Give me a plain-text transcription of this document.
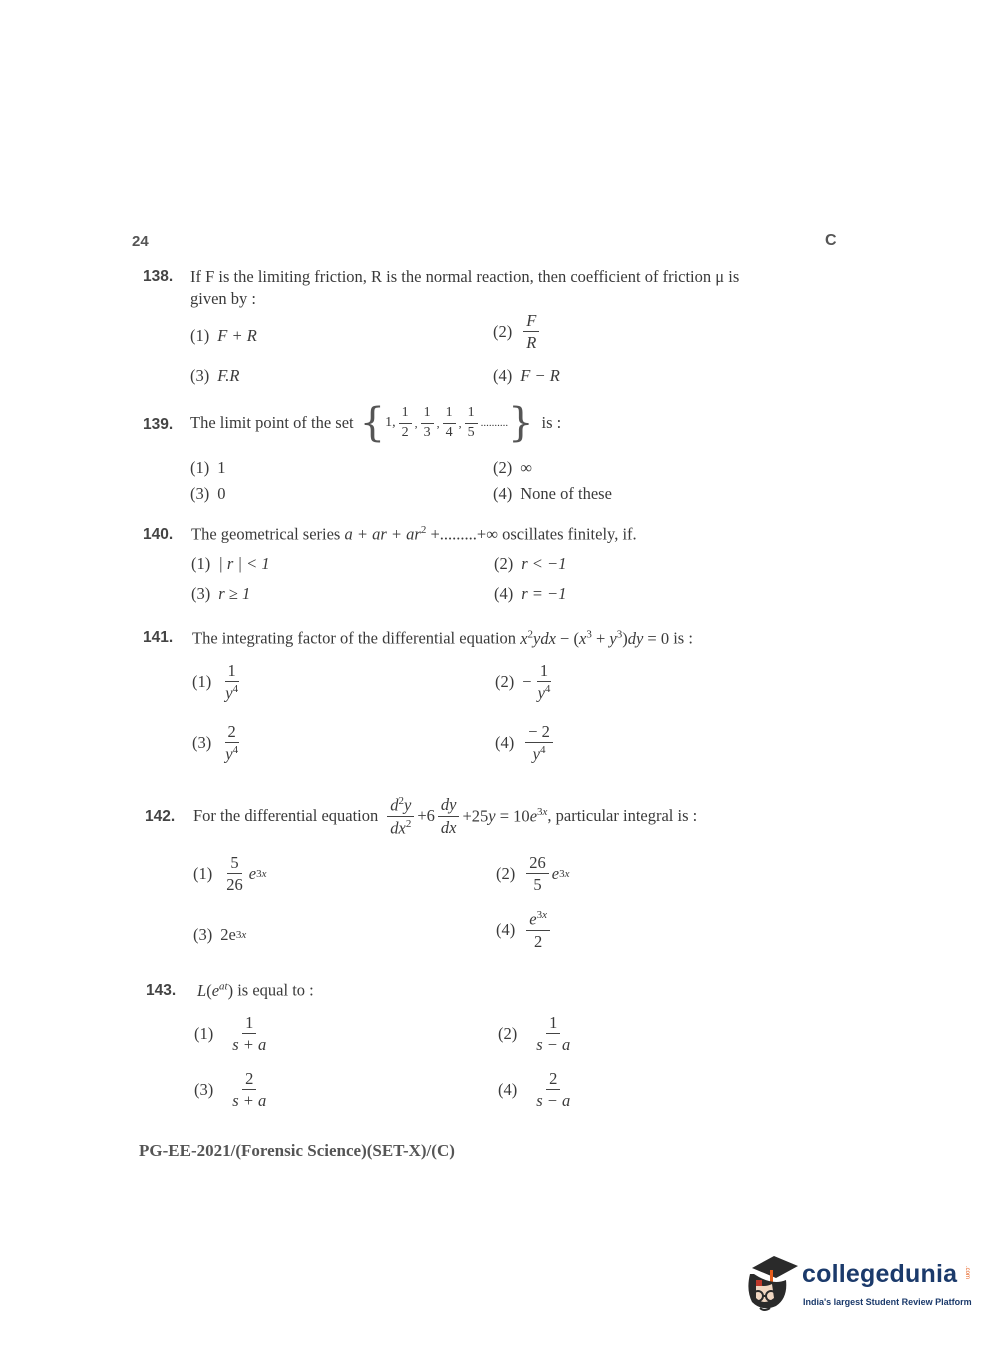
24	C
138. If F is the limiting friction, R is the normal reaction, then coefficient of friction μ is
given by :
(1) F + R	$(2) \frac{F}{R}$
(3) F.R	(4) F − R
139. The limit point of the set { 1, $\frac{1}{2}$ , $\frac{1}{3}$ , $\frac{1}{4}$ , $\frac{1}{5}$ .......... } is :
(1) 1	(2) ∞
(3) 0	(4) None of these
140. The geometrical series a + ar + $ar^2$ +.........+∞ oscillates finitely, if.
(1) | r | < 1	(2) r < −1
(3) r ≥ 1	(4) r = −1
141. The integrating factor of the differential equation $x^2ydx - (x^3 + y^3)dy = 0$ is :
$(1) \frac{1}{y^4}$	$(2) - \frac{1}{y^4}$
$(3) \frac{2}{y^4}$	$(4) \frac{- 2}{y^4}$
142. For the differential equation $\frac{d^2y}{dx^2} +6 \frac{dy}{dx} +25y = 10e^{3x}$ , particular integral is :
$(1) \frac{5}{26}$ e 3x	$(2) \frac{26}{5}$ e 3x
(3) 2e 3x	$(4) \frac{e^{3x}}{2}$
143. $L(e^{at})$ is equal to :
$(1) \frac{1}{s + a}$	$(2) \frac{1}{s - a}$
$(3) \frac{2}{s + a}$	$(4) \frac{2}{s - a}$
PG-EE-2021/(Forensic Science)(SET-X)/(C)
collegedunia .com
India's largest Student Review Platform
